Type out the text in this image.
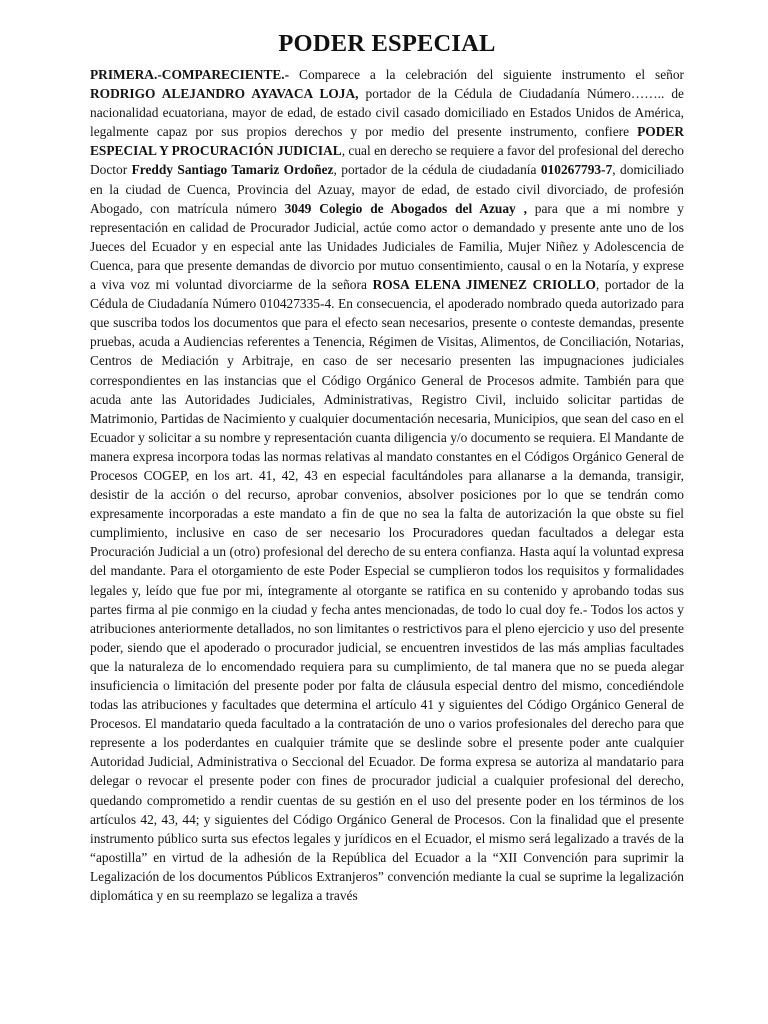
PODER ESPECIAL

PRIMERA.-COMPARECIENTE.- Comparece a la celebración del siguiente instrumento el señor RODRIGO ALEJANDRO AYAVACA LOJA, portador de la Cédula de Ciudadanía Número…….. de nacionalidad ecuatoriana, mayor de edad, de estado civil casado domiciliado en Estados Unidos de América, legalmente capaz por sus propios derechos y por medio del presente instrumento, confiere PODER ESPECIAL Y PROCURACIÓN JUDICIAL, cual en derecho se requiere a favor del profesional del derecho Doctor Freddy Santiago Tamariz Ordoñez, portador de la cédula de ciudadanía 010267793-7, domiciliado en la ciudad de Cuenca, Provincia del Azuay, mayor de edad, de estado civil divorciado, de profesión Abogado, con matrícula número 3049 Colegio de Abogados del Azuay , para que a mi nombre y representación en calidad de Procurador Judicial, actúe como actor o demandado y presente ante uno de los Jueces del Ecuador y en especial ante las Unidades Judiciales de Familia, Mujer Niñez y Adolescencia de Cuenca, para que presente demandas de divorcio por mutuo consentimiento, causal o en la Notaría, y exprese a viva voz mi voluntad divorciarme de la señora ROSA ELENA JIMENEZ CRIOLLO, portador de la Cédula de Ciudadanía Número 010427335-4. En consecuencia, el apoderado nombrado queda autorizado para que suscriba todos los documentos que para el efecto sean necesarios, presente o conteste demandas, presente pruebas, acuda a Audiencias referentes a Tenencia, Régimen de Visitas, Alimentos, de Conciliación, Notarias, Centros de Mediación y Arbitraje, en caso de ser necesario presenten las impugnaciones judiciales correspondientes en las instancias que el Código Orgánico General de Procesos admite. También para que acuda ante las Autoridades Judiciales, Administrativas, Registro Civil, incluido solicitar partidas de Matrimonio, Partidas de Nacimiento y cualquier documentación necesaria, Municipios, que sean del caso en el Ecuador y solicitar a su nombre y representación cuanta diligencia y/o documento se requiera. El Mandante de manera expresa incorpora todas las normas relativas al mandato constantes en el Códigos Orgánico General de Procesos COGEP, en los art. 41, 42, 43 en especial facultándoles para allanarse a la demanda, transigir, desistir de la acción o del recurso, aprobar convenios, absolver posiciones por lo que se tendrán como expresamente incorporadas a este mandato a fin de que no sea la falta de autorización la que obste su fiel cumplimiento, inclusive en caso de ser necesario los Procuradores quedan facultados a delegar esta Procuración Judicial a un (otro) profesional del derecho de su entera confianza. Hasta aquí la voluntad expresa del mandante. Para el otorgamiento de este Poder Especial se cumplieron todos los requisitos y formalidades legales y, leído que fue por mi, íntegramente al otorgante se ratifica en su contenido y aprobando todas sus partes firma al pie conmigo en la ciudad y fecha antes mencionadas, de todo lo cual doy fe.- Todos los actos y atribuciones anteriormente detallados, no son limitantes o restrictivos para el pleno ejercicio y uso del presente poder, siendo que el apoderado o procurador judicial, se encuentren investidos de las más amplias facultades que la naturaleza de lo encomendado requiera para su cumplimiento, de tal manera que no se pueda alegar insuficiencia o limitación del presente poder por falta de cláusula especial dentro del mismo, concediéndole todas las atribuciones y facultades que determina el artículo 41 y siguientes del Código Orgánico General de Procesos. El mandatario queda facultado a la contratación de uno o varios profesionales del derecho para que represente a los poderdantes en cualquier trámite que se deslinde sobre el presente poder ante cualquier Autoridad Judicial, Administrativa o Seccional del Ecuador. De forma expresa se autoriza al mandatario para delegar o revocar el presente poder con fines de procurador judicial a cualquier profesional del derecho, quedando comprometido a rendir cuentas de su gestión en el uso del presente poder en los términos de los artículos 42, 43, 44; y siguientes del Código Orgánico General de Procesos. Con la finalidad que el presente instrumento público surta sus efectos legales y jurídicos en el Ecuador, el mismo será legalizado a través de la “apostilla” en virtud de la adhesión de la República del Ecuador a la “XII Convención para suprimir la Legalización de los documentos Públicos Extranjeros” convención mediante la cual se suprime la legalización diplomática y en su reemplazo se legaliza a través
